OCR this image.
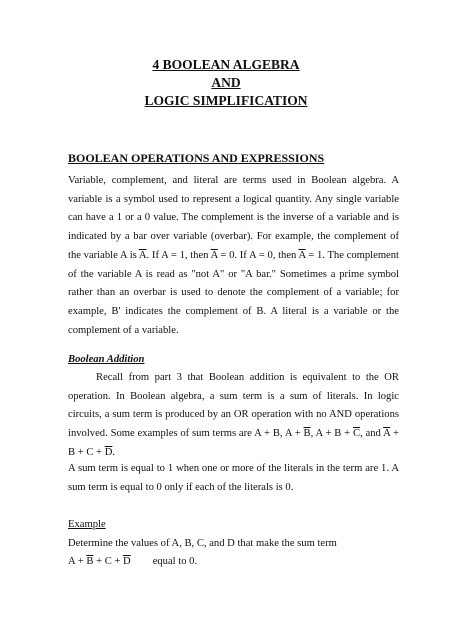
4 BOOLEAN ALGEBRA
AND
LOGIC SIMPLIFICATION
BOOLEAN OPERATIONS AND EXPRESSIONS
Variable, complement, and literal are terms used in Boolean algebra. A variable is a symbol used to represent a logical quantity. Any single variable can have a 1 or a 0 value. The complement is the inverse of a variable and is indicated by a bar over variable (overbar). For example, the complement of the variable A is $\overline{A}$. If A = 1, then $\overline{A} = 0$. If A = 0, then $\overline{A} = 1$. The complement of the variable A is read as "not A" or "A bar." Sometimes a prime symbol rather than an overbar is used to denote the complement of a variable; for example, B' indicates the complement of B. A literal is a variable or the complement of a variable.
Boolean Addition
Recall from part 3 that Boolean addition is equivalent to the OR operation. In Boolean algebra, a sum term is a sum of literals. In logic circuits, a sum term is produced by an OR operation with no AND operations involved. Some examples of sum terms are A + B, $A + \overline{B}$, $A + B + \overline{C}$, and $\overline{A} + B + C + \overline{D}$.
A sum term is equal to 1 when one or more of the literals in the term are 1. A sum term is equal to 0 only if each of the literals is 0.
Example
Determine the values of A, B, C, and D that make the sum term
$A + \overline{B} + C + \overline{D}$ equal to 0.
